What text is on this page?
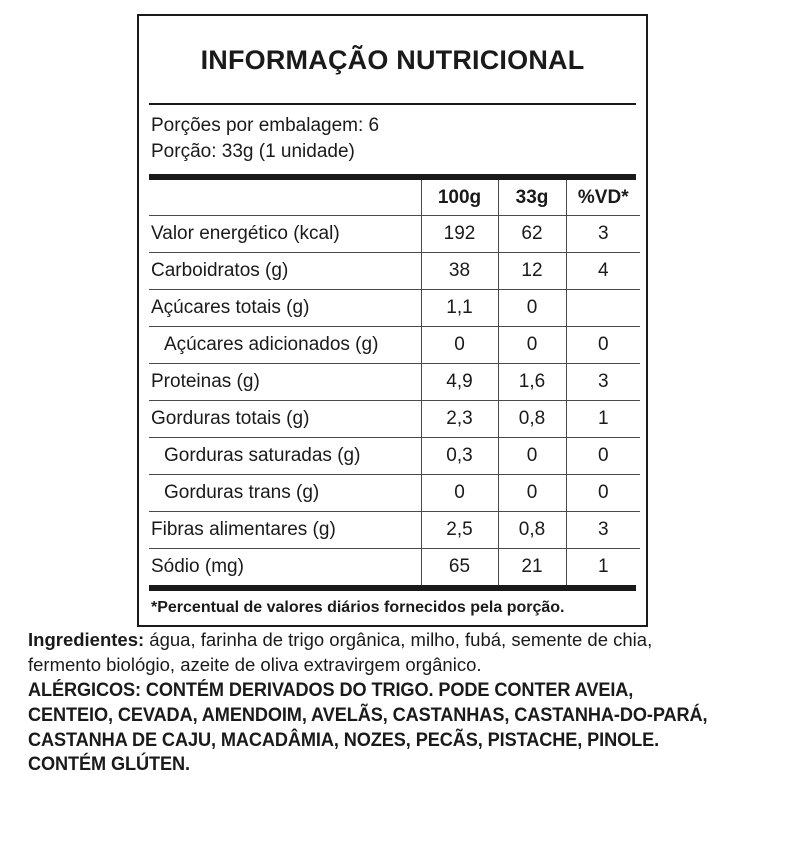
INFORMAÇÃO NUTRICIONAL
Porções por embalagem: 6
Porção: 33g (1 unidade)
	100g	33g	%VD*
Valor energético (kcal)	192	62	3
Carboidratos (g)	38	12	4
Açúcares totais (g)	1,1	0	
Açúcares adicionados (g)	0	0	0
Proteinas (g)	4,9	1,6	3
Gorduras totais (g)	2,3	0,8	1
Gorduras saturadas (g)	0,3	0	0
Gorduras trans (g)	0	0	0
Fibras alimentares (g)	2,5	0,8	3
Sódio (mg)	65	21	1
*Percentual de valores diários fornecidos pela porção.

Ingredientes: água, farinha de trigo orgânica, milho, fubá, semente de chia,
fermento biológio, azeite de oliva extravirgem orgânico.

ALÉRGICOS: CONTÉM DERIVADOS DO TRIGO. PODE CONTER AVEIA,
CENTEIO, CEVADA, AMENDOIM, AVELÃS, CASTANHAS, CASTANHA-DO-PARÁ,
CASTANHA DE CAJU, MACADÂMIA, NOZES, PECÃS, PISTACHE, PINOLE.
CONTÉM GLÚTEN.
